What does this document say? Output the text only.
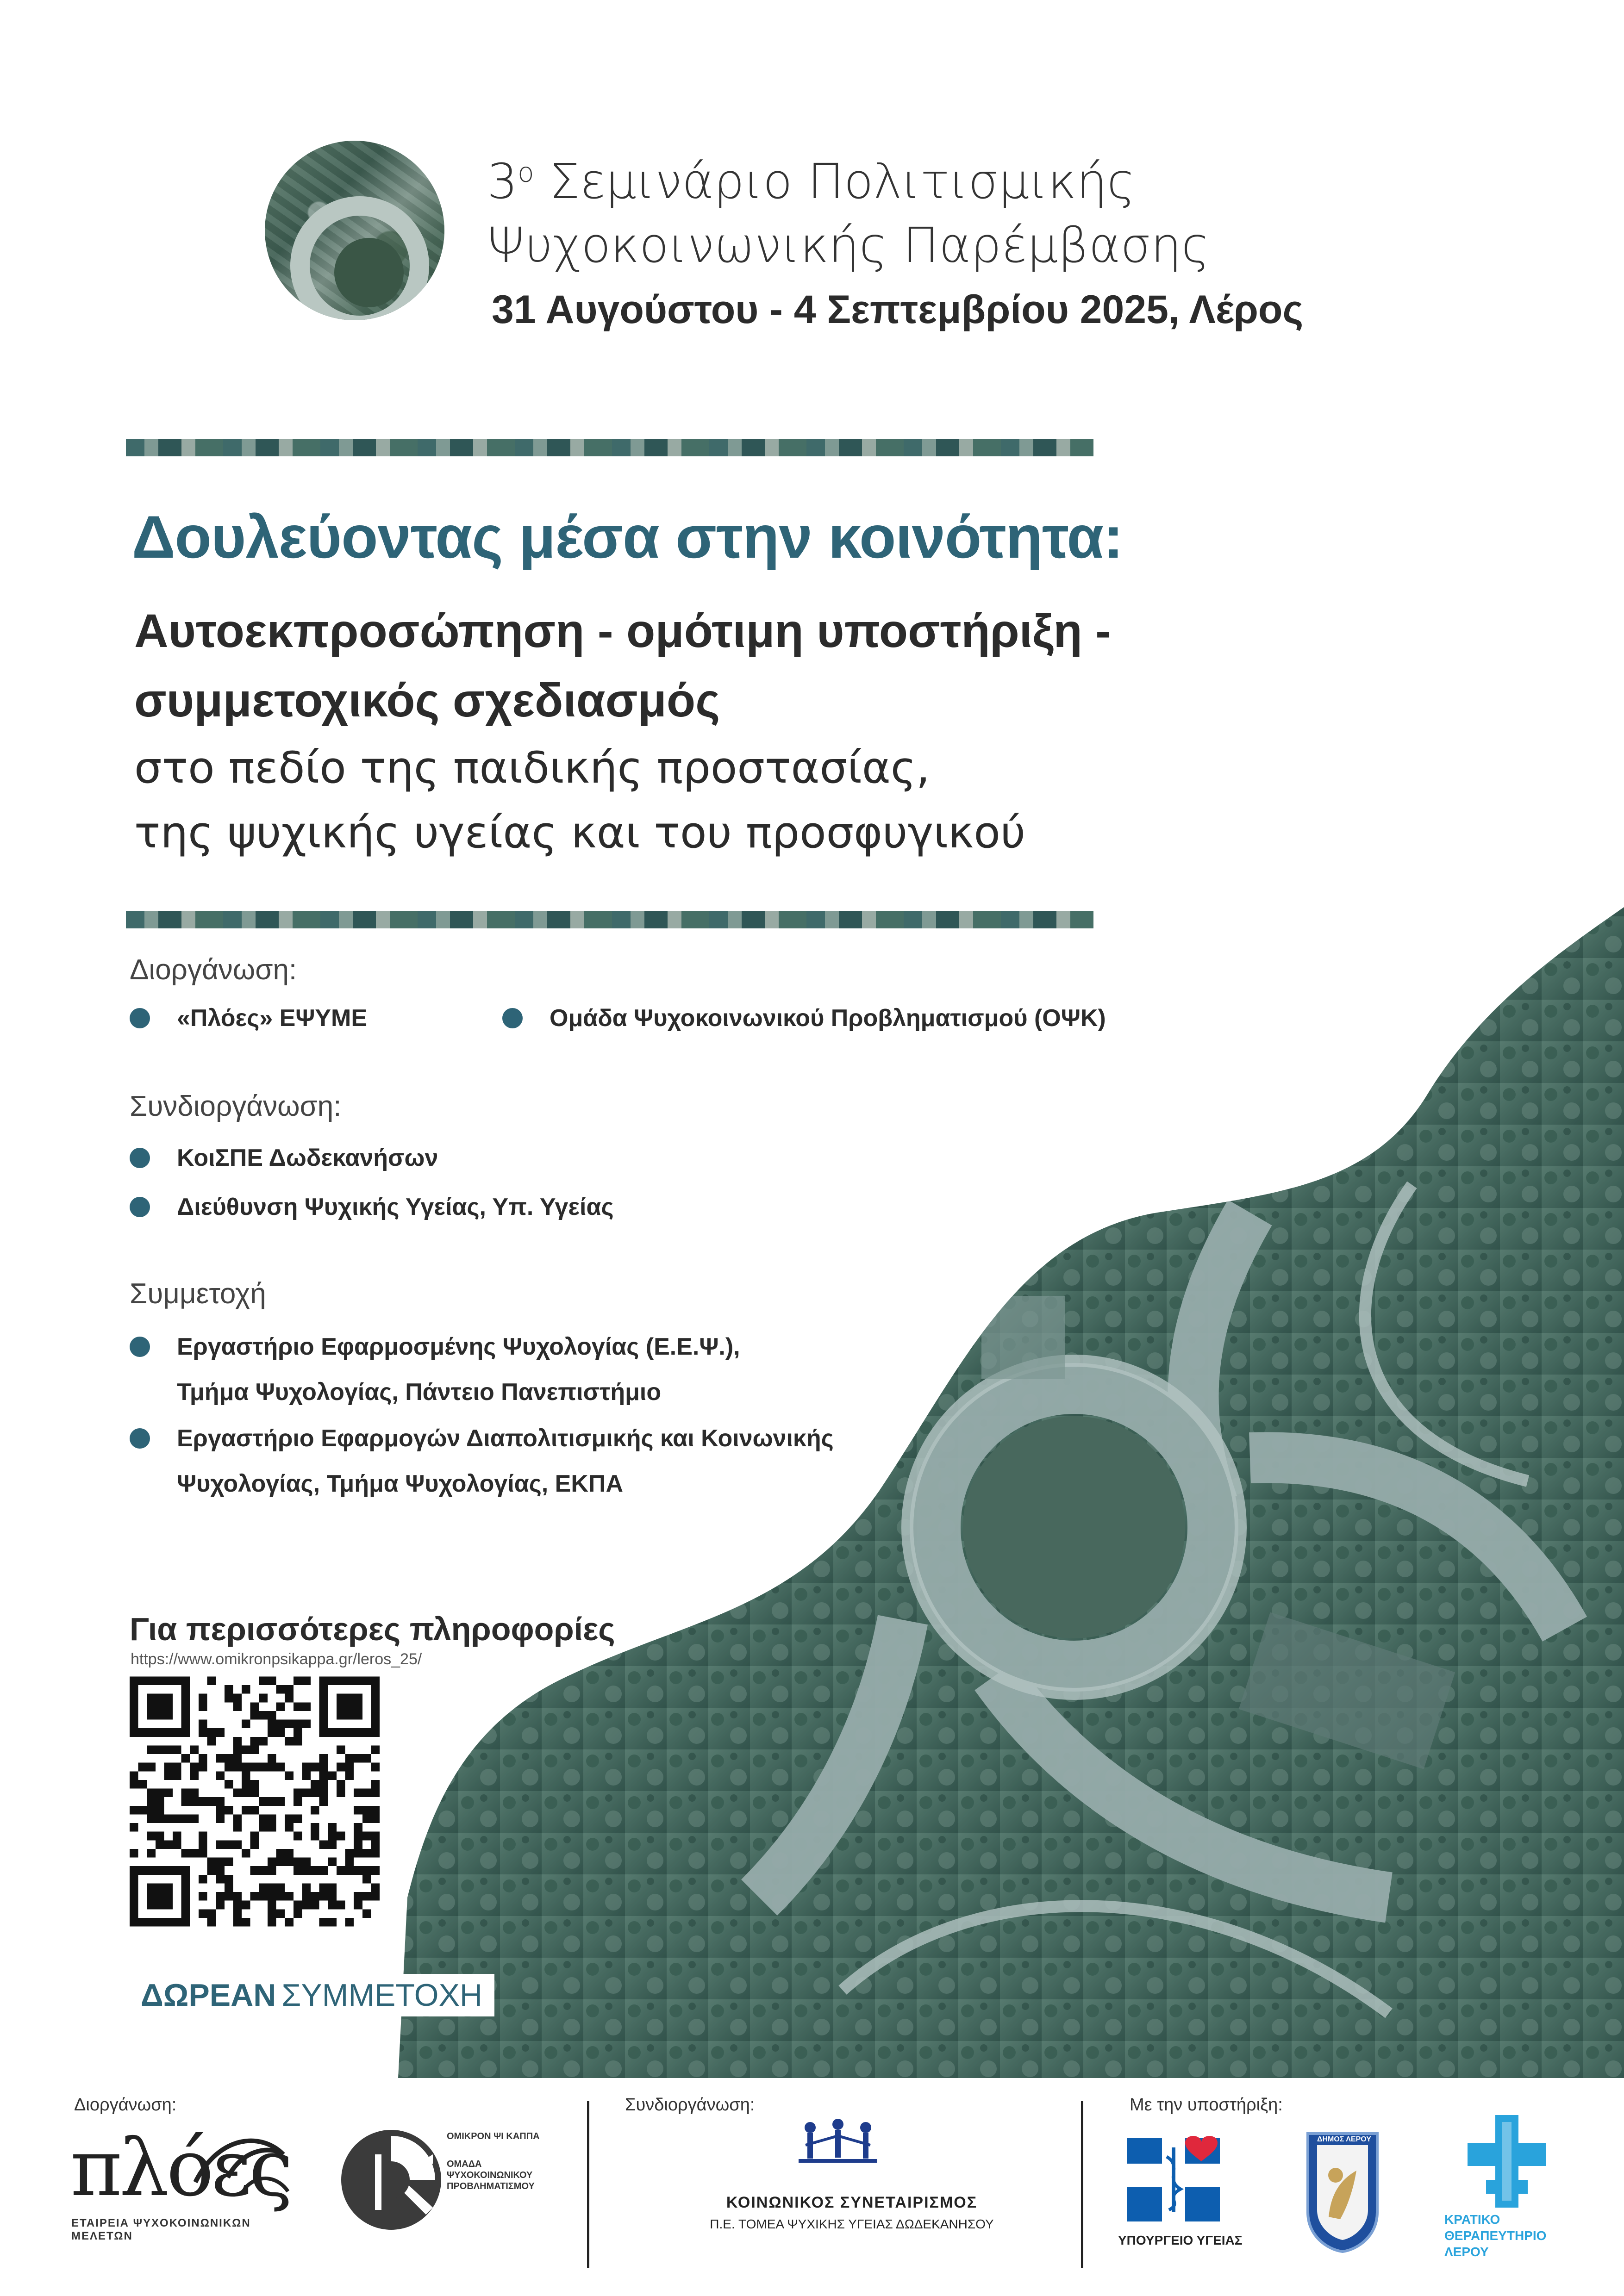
$3^o$ Σεμινάριο Πολιτισμικής
Ψυχοκοινωνικής Παρέμβασης
31 Αυγούστου - 4 Σεπτεμβρίου 2025, Λέρος
Δουλεύοντας μέσα στην κοινότητα:
Αυτοεκπροσώπηση - ομότιμη υποστήριξη -
συμμετοχικός σχεδιασμός
στο πεδίο της παιδικής προστασίας,
της ψυχικής υγείας και του προσφυγικού
Διοργάνωση:
«Πλόες» ΕΨΥΜΕ	Ομάδα Ψυχοκοινωνικού Προβληματισμού (ΟΨΚ)
Συνδιοργάνωση:
ΚοιΣΠΕ Δωδεκανήσων
Διεύθυνση Ψυχικής Υγείας, Υπ. Υγείας
Συμμετοχή
Εργαστήριο Εφαρμοσμένης Ψυχολογίας (Ε.Ε.Ψ.),
Τμήμα Ψυχολογίας, Πάντειο Πανεπιστήμιο
Εργαστήριο Εφαρμογών Διαπολιτισμικής και Κοινωνικής
Ψυχολογίας, Τμήμα Ψυχολογίας, ΕΚΠΑ
Για περισσότερες πληροφορίες
https://www.omikronpsikappa.gr/leros_25/
ΔΩΡΕΑΝ ΣΥΜΜΕΤΟΧΗ
Διοργάνωση:	Συνδιοργάνωση:	Με την υποστήριξη:
πλόες
ΕΤΑΙΡΕΙΑ ΨΥΧΟΚΟΙΝΩΝΙΚΩΝ ΜΕΛΕΤΩΝ
ΟΜΙΚΡΟΝ ΨΙ ΚΑΠΠΑ
ΟΜΑΔΑ
ΨΥΧΟΚΟΙΝΩΝΙΚΟΥ
ΠΡΟΒΛΗΜΑΤΙΣΜΟΥ
ΚΟΙΝΩΝΙΚΟΣ ΣΥΝΕΤΑΙΡΙΣΜΟΣ
Π.Ε. ΤΟΜΕΑ ΨΥΧΙΚΗΣ ΥΓΕΙΑΣ ΔΩΔΕΚΑΝΗΣΟΥ
ΥΠΟΥΡΓΕΙΟ ΥΓΕΙΑΣ
ΔΗΜΟΣ ΛΕΡΟΥ
ΚΡΑΤΙΚΟ
ΘΕΡΑΠΕΥΤΗΡΙΟ
ΛΕΡΟΥ
